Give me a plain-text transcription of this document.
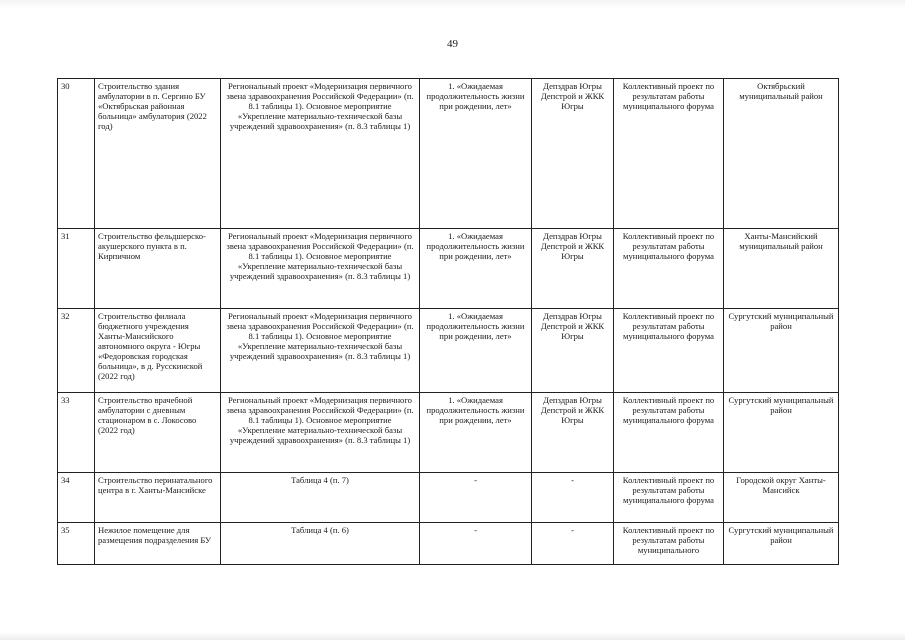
49
30	Строительство здания амбулатории в п. Сергино БУ «Октябрьская районная больница» амбулатория (2022 год)	Региональный проект «Модернизация первичного звена здравоохранения Российской Федерации» (п. 8.1 таблицы 1). Основное мероприятие «Укрепление материально-технической базы учреждений здравоохранения» (п. 8.3 таблицы 1)	1. «Ожидаемая продолжительность жизни при рождении, лет»	Депздрав Югры Депстрой и ЖКК Югры	Коллективный проект по результатам работы муниципального форума	Октябрьский муниципальный район
31	Строительство фельдшерско-акушерского пункта в п. Кирпичном	Региональный проект «Модернизация первичного звена здравоохранения Российской Федерации» (п. 8.1 таблицы 1). Основное мероприятие «Укрепление материально-технической базы учреждений здравоохранения» (п. 8.3 таблицы 1)	1. «Ожидаемая продолжительность жизни при рождении, лет»	Депздрав Югры Депстрой и ЖКК Югры	Коллективный проект по результатам работы муниципального форума	Ханты-Мансийский муниципальный район
32	Строительство филиала бюджетного учреждения Ханты-Мансийского автономного округа - Югры «Федоровская городская больница», в д. Русскинской (2022 год)	Региональный проект «Модернизация первичного звена здравоохранения Российской Федерации» (п. 8.1 таблицы 1). Основное мероприятие «Укрепление материально-технической базы учреждений здравоохранения» (п. 8.3 таблицы 1)	1. «Ожидаемая продолжительность жизни при рождении, лет»	Депздрав Югры Депстрой и ЖКК Югры	Коллективный проект по результатам работы муниципального форума	Сургутский муниципальный район
33	Строительство врачебной амбулатории с дневным стационаром в с. Локосово (2022 год)	Региональный проект «Модернизация первичного звена здравоохранения Российской Федерации» (п. 8.1 таблицы 1). Основное мероприятие «Укрепление материально-технической базы учреждений здравоохранения» (п. 8.3 таблицы 1)	1. «Ожидаемая продолжительность жизни при рождении, лет»	Депздрав Югры Депстрой и ЖКК Югры	Коллективный проект по результатам работы муниципального форума	Сургутский муниципальный район
34	Строительство перинатального центра в г. Ханты-Мансийске	Таблица 4 (п. 7)	-	-	Коллективный проект по результатам работы муниципального форума	Городской округ Ханты-Мансийск
35	Нежилое помещение для размещения подразделения БУ	Таблица 4 (п. 6)	-	-	Коллективный проект по результатам работы муниципального	Сургутский муниципальный район
